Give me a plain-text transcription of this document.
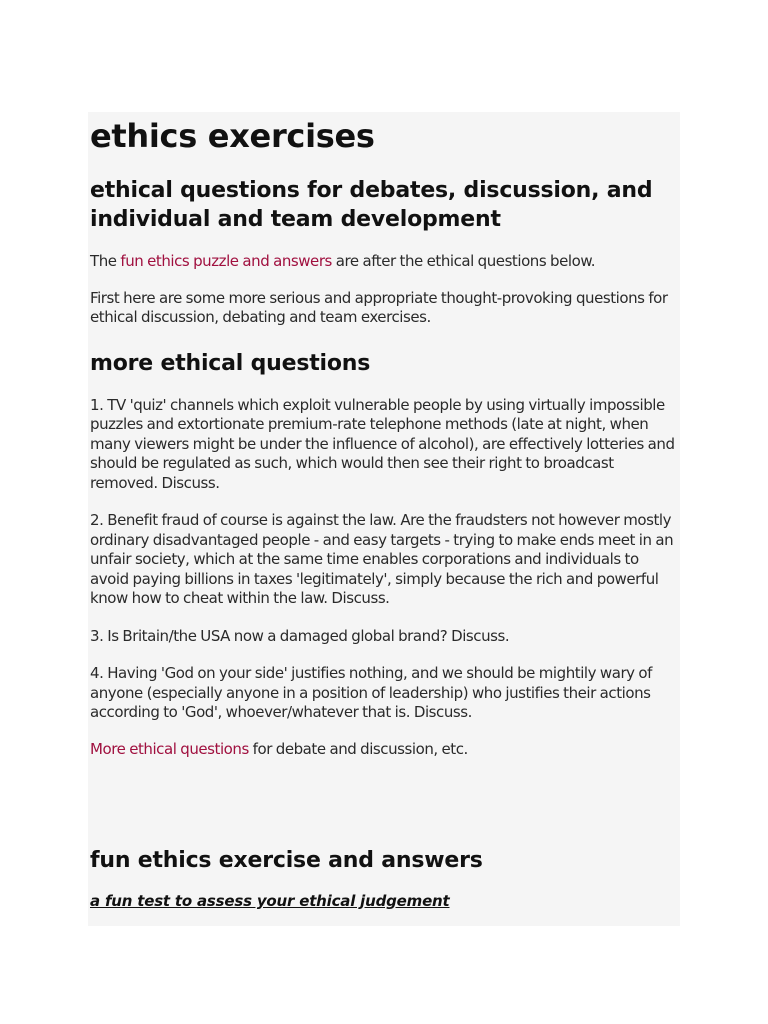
ethics exercises
ethical questions for debates, discussion, and individual and team development

The fun ethics puzzle and answers are after the ethical questions below.

First here are some more serious and appropriate thought-provoking questions for ethical discussion, debating and team exercises.

more ethical questions

1. TV 'quiz' channels which exploit vulnerable people by using virtually impossible puzzles and extortionate premium-rate telephone methods (late at night, when many viewers might be under the influence of alcohol), are effectively lotteries and should be regulated as such, which would then see their right to broadcast removed. Discuss.

2. Benefit fraud of course is against the law. Are the fraudsters not however mostly ordinary disadvantaged people - and easy targets - trying to make ends meet in an unfair society, which at the same time enables corporations and individuals to avoid paying billions in taxes 'legitimately', simply because the rich and powerful know how to cheat within the law. Discuss.

3. Is Britain/the USA now a damaged global brand? Discuss.

4. Having 'God on your side' justifies nothing, and we should be mightily wary of anyone (especially anyone in a position of leadership) who justifies their actions according to 'God', whoever/whatever that is. Discuss.

More ethical questions for debate and discussion, etc.

fun ethics exercise and answers
a fun test to assess your ethical judgement
